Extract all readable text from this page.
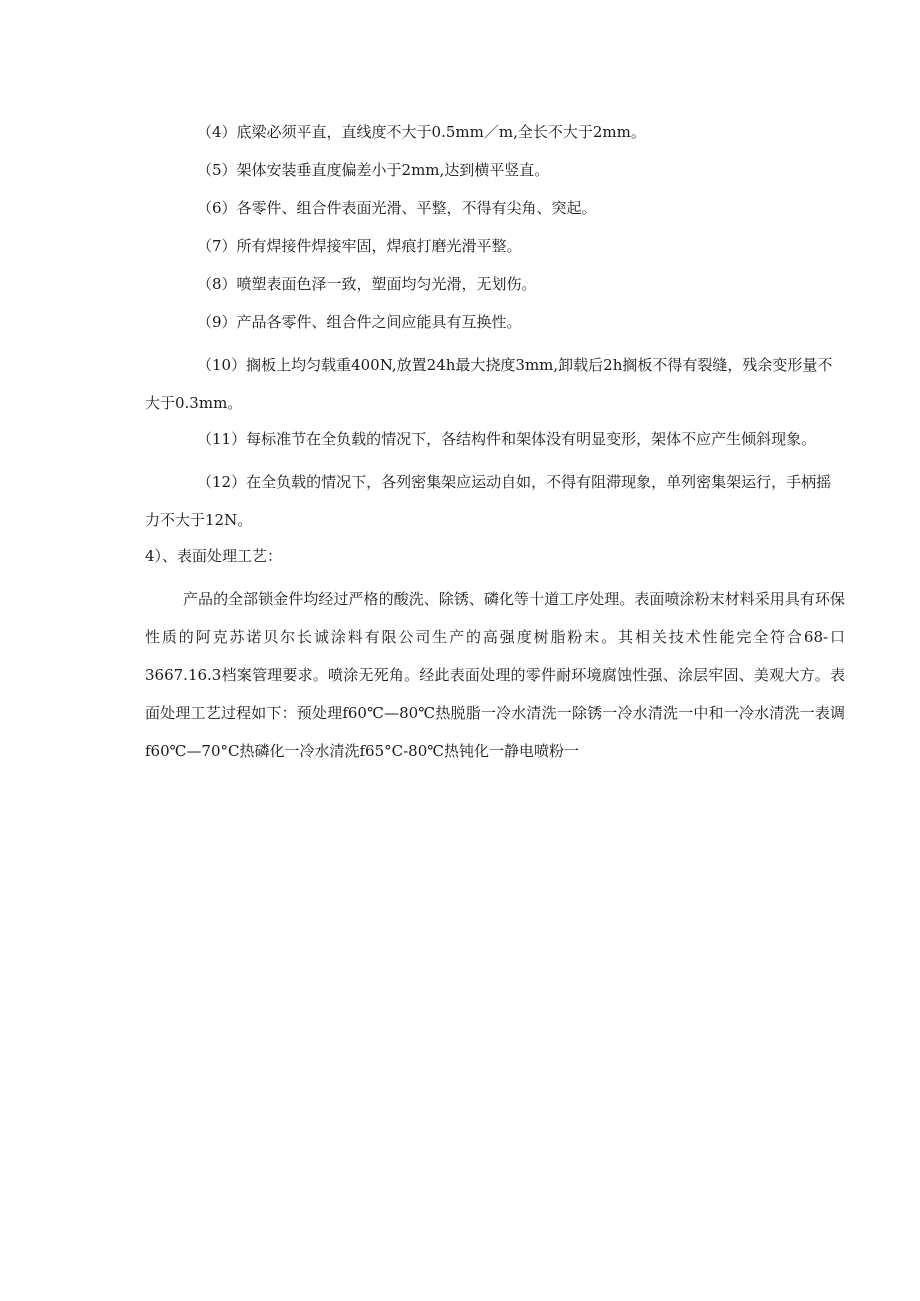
（4）底梁必须平直，直线度不大于0.5mm／m,全长不大于2mm。

（5）架体安装垂直度偏差小于2mm,达到横平竖直。

（6）各零件、组合件表面光滑、平整，不得有尖角、突起。

（7）所有焊接件焊接牢固，焊痕打磨光滑平整。

（8）喷塑表面色泽一致，塑面均匀光滑，无划伤。

（9）产品各零件、组合件之间应能具有互换性。

（10）搁板上均匀载重400N,放置24h最大挠度3mm,卸载后2h搁板不得有裂缝，残余变形量不大于0.3mm。

（11）每标准节在全负载的情况下，各结构件和架体没有明显变形，架体不应产生倾斜现象。

（12）在全负载的情况下，各列密集架应运动自如，不得有阻滞现象，单列密集架运行，手柄摇力不大于12N。

4）、表面处理工艺：

产品的全部锁金件均经过严格的酸洗、除锈、磷化等十道工序处理。表面喷涂粉末材料采用具有环保性质的阿克苏诺贝尔长诚涂料有限公司生产的高强度树脂粉末。其相关技术性能完全符合68-口3667.16.3档案管理要求。喷涂无死角。经此表面处理的零件耐环境腐蚀性强、涂层牢固、美观大方。表面处理工艺过程如下：预处理f60℃—80℃热脱脂一冷水清洗一除锈一冷水清洗一中和一冷水清洗一表调f60℃—70°C热磷化一冷水清洗f65°C-80℃热钝化一静电喷粉一
